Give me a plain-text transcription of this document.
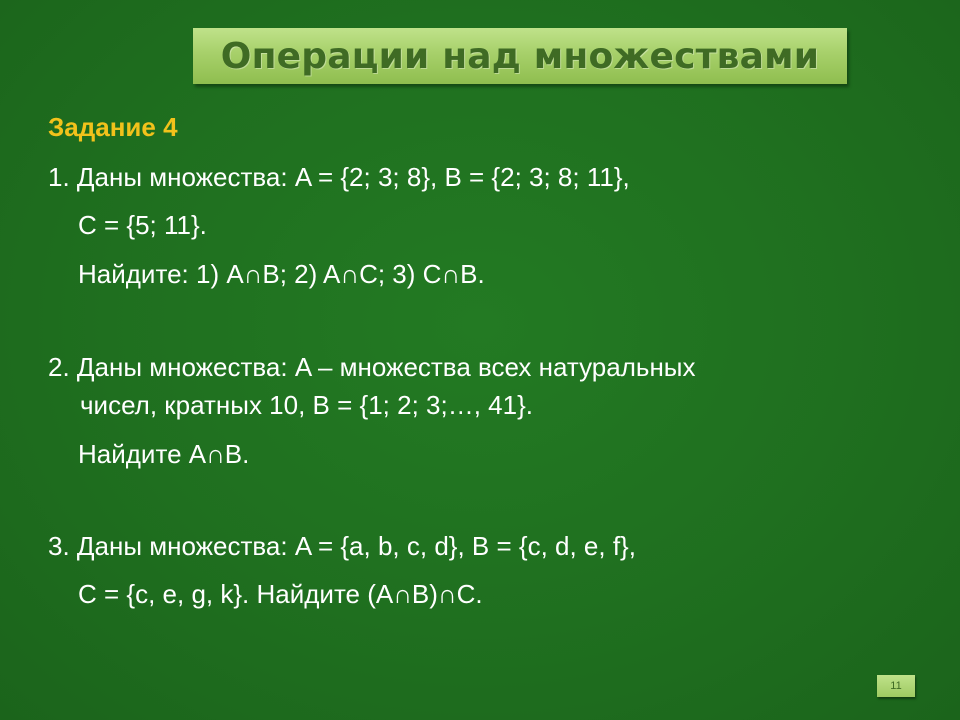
Операции над множествами
Задание 4
1. Даны множества: A = {2; 3; 8}, B = {2; 3; 8; 11},
C = {5; 11}.
Найдите: 1) A∩B; 2) A∩C; 3) C∩B.
2. Даны множества: A – множества всех натуральных
чисел, кратных 10, B = {1; 2; 3;…, 41}.
Найдите A∩B.
3. Даны множества: A = {a, b, c, d}, B = {c, d, e, f},
C = {c, e, g, k}. Найдите (A∩B)∩C.
11
